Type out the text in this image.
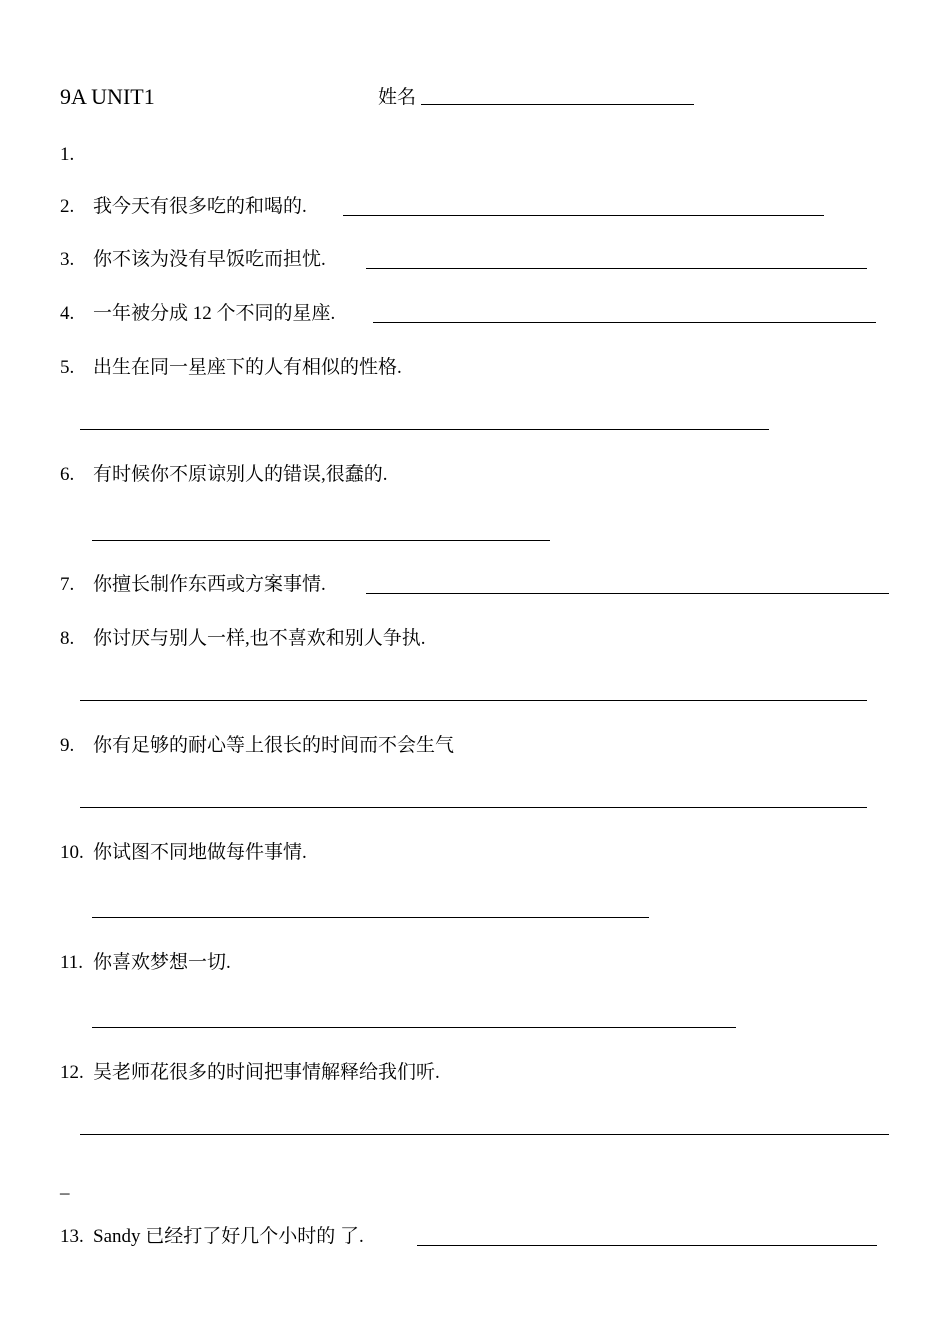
9A UNIT1	姓名
1.
2. 我今天有很多吃的和喝的.
3. 你不该为没有早饭吃而担忧.
4. 一年被分成 12 个不同的星座.
5. 出生在同一星座下的人有相似的性格.
6. 有时候你不原谅别人的错误,很蠢的.
7. 你擅长制作东西或方案事情.
8. 你讨厌与别人一样,也不喜欢和别人争执.
9. 你有足够的耐心等上很长的时间而不会生气
10. 你试图不同地做每件事情.
11. 你喜欢梦想一切.
12. 吴老师花很多的时间把事情解释给我们听.
_
13. Sandy 已经打了好几个小时的 了.
